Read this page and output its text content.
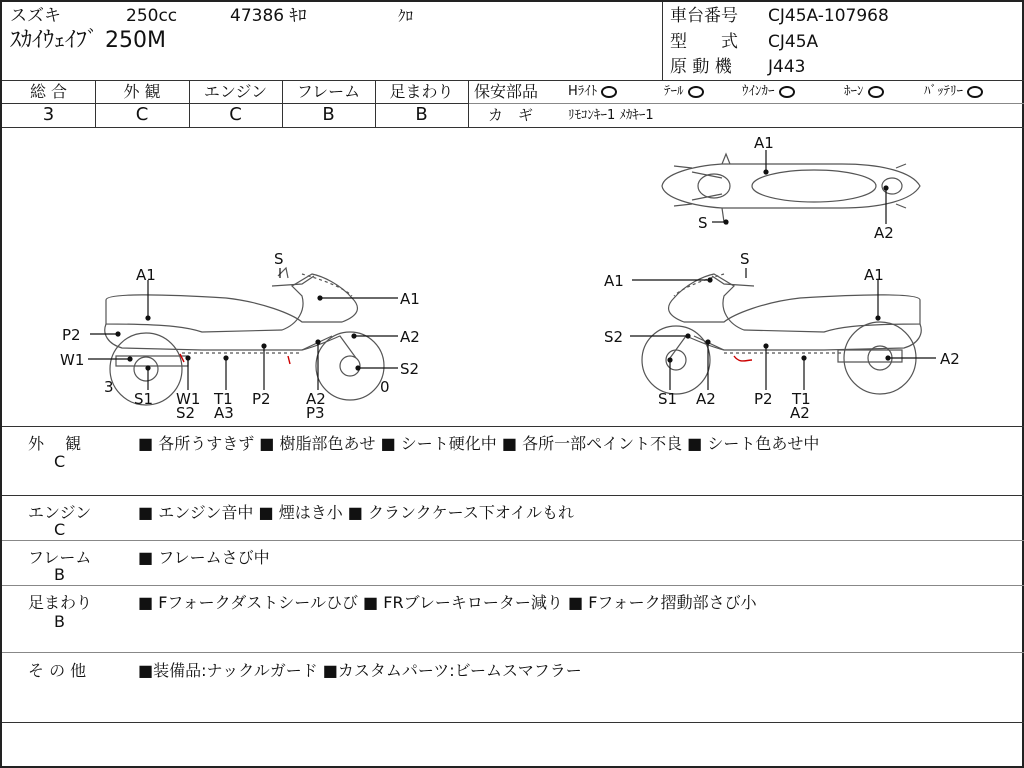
スズキ	250cc	47386 ｷﾛ	ｸﾛ
ｽｶｲｳｪｲﾌﾞ 250M
車台番号 CJ45A-107968
型　　式 CJ45A
原 動 機 J443
総 合	外 観	エンジン	フレーム	足まわり
3	C	C	B	B
保安部品 Hﾗｲﾄ	ﾃｰﾙ	ｳｲﾝｶｰ	ﾎｰﾝ	ﾊﾞｯﾃﾘｰ
カ　ギ	ﾘﾓｺﾝｷｰ1 ﾒｶｷｰ1
A1
S
A1
P2	A2
W1	S2
3	0
S1 W1
S2
T1
A3
P2 A2
P3
A1
S
A1
S2
A2
S1 A2	P2 T1
A2
A1
S
A2
外　 観
C
■ 各所うすきず ■ 樹脂部色あせ ■ シート硬化中 ■ 各所一部ペイント不良 ■ シート色あせ中
エンジン
C
■ エンジン音中 ■ 煙はき小 ■ クランクケース下オイルもれ
フレーム
B
■ フレームさび中
足まわり
B
■ Fフォークダストシールひび ■ FRブレーキローター減り ■ Fフォーク摺動部さび小
そ の 他	■装備品:ナックルガード ■カスタムパーツ:ビームスマフラー
